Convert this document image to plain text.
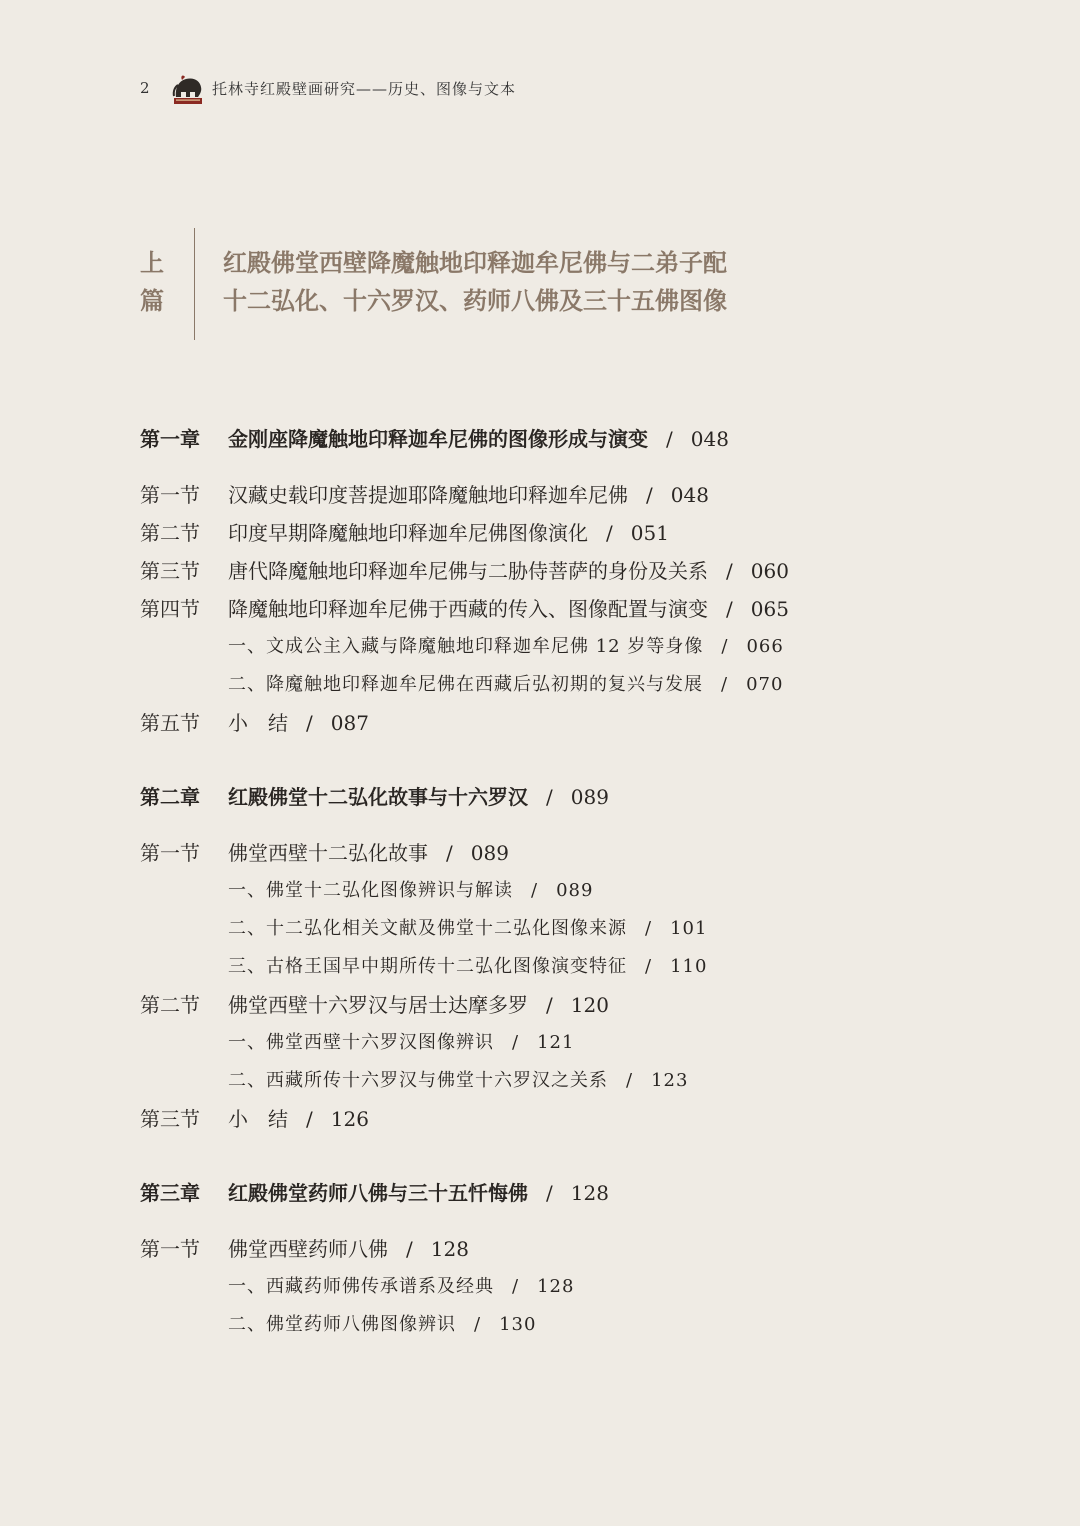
2	托林寺红殿壁画研究——历史、图像与文本
上
篇
红殿佛堂西壁降魔触地印释迦牟尼佛与二弟子配
十二弘化、十六罗汉、药师八佛及三十五佛图像
第一章	金刚座降魔触地印释迦牟尼佛的图像形成与演变 / 048
第一节	汉藏史载印度菩提迦耶降魔触地印释迦牟尼佛 / 048
第二节	印度早期降魔触地印释迦牟尼佛图像演化 / 051
第三节	唐代降魔触地印释迦牟尼佛与二胁侍菩萨的身份及关系 / 060
第四节	降魔触地印释迦牟尼佛于西藏的传入、图像配置与演变 / 065
一、文成公主入藏与降魔触地印释迦牟尼佛 12 岁等身像 / 066
二、降魔触地印释迦牟尼佛在西藏后弘初期的复兴与发展 / 070
第五节	小　结 / 087
第二章	红殿佛堂十二弘化故事与十六罗汉 / 089
第一节	佛堂西壁十二弘化故事 / 089
一、佛堂十二弘化图像辨识与解读 / 089
二、十二弘化相关文献及佛堂十二弘化图像来源 / 101
三、古格王国早中期所传十二弘化图像演变特征 / 110
第二节	佛堂西壁十六罗汉与居士达摩多罗 / 120
一、佛堂西壁十六罗汉图像辨识 / 121
二、西藏所传十六罗汉与佛堂十六罗汉之关系 / 123
第三节	小　结 / 126
第三章	红殿佛堂药师八佛与三十五忏悔佛 / 128
第一节	佛堂西壁药师八佛 / 128
一、西藏药师佛传承谱系及经典 / 128
二、佛堂药师八佛图像辨识 / 130
